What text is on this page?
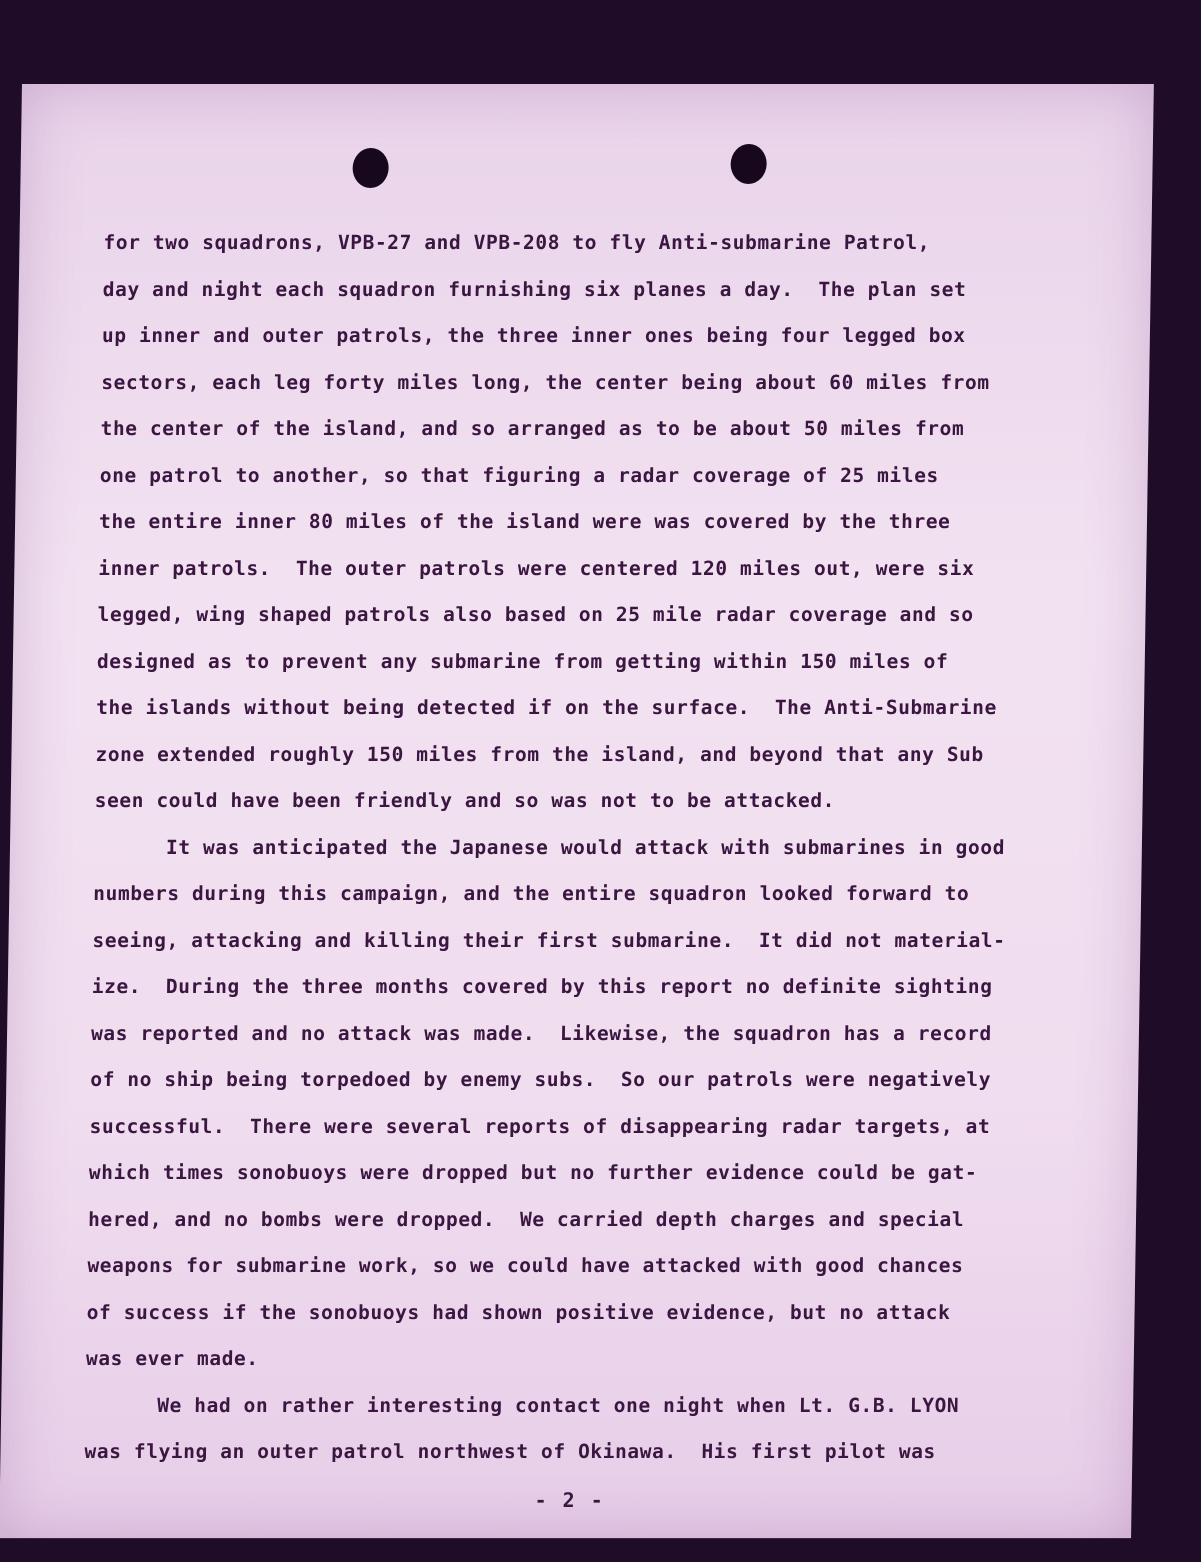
for two squadrons, VPB-27 and VPB-208 to fly Anti-submarine Patrol,
day and night each squadron furnishing six planes a day.  The plan set
up inner and outer patrols, the three inner ones being four legged box
sectors, each leg forty miles long, the center being about 60 miles from
the center of the island, and so arranged as to be about 50 miles from
one patrol to another, so that figuring a radar coverage of 25 miles
the entire inner 80 miles of the island were was covered by the three
inner patrols.  The outer patrols were centered 120 miles out, were six
legged, wing shaped patrols also based on 25 mile radar coverage and so
designed as to prevent any submarine from getting within 150 miles of
the islands without being detected if on the surface.  The Anti-Submarine
zone extended roughly 150 miles from the island, and beyond that any Sub
seen could have been friendly and so was not to be attacked.
It was anticipated the Japanese would attack with submarines in good
numbers during this campaign, and the entire squadron looked forward to
seeing, attacking and killing their first submarine.  It did not material-
ize.  During the three months covered by this report no definite sighting
was reported and no attack was made.  Likewise, the squadron has a record
of no ship being torpedoed by enemy subs.  So our patrols were negatively
successful.  There were several reports of disappearing radar targets, at
which times sonobuoys were dropped but no further evidence could be gat-
hered, and no bombs were dropped.  We carried depth charges and special
weapons for submarine work, so we could have attacked with good chances
of success if the sonobuoys had shown positive evidence, but no attack
was ever made.
We had on rather interesting contact one night when Lt. G.B. LYON
was flying an outer patrol northwest of Okinawa.  His first pilot was
- 2 -
